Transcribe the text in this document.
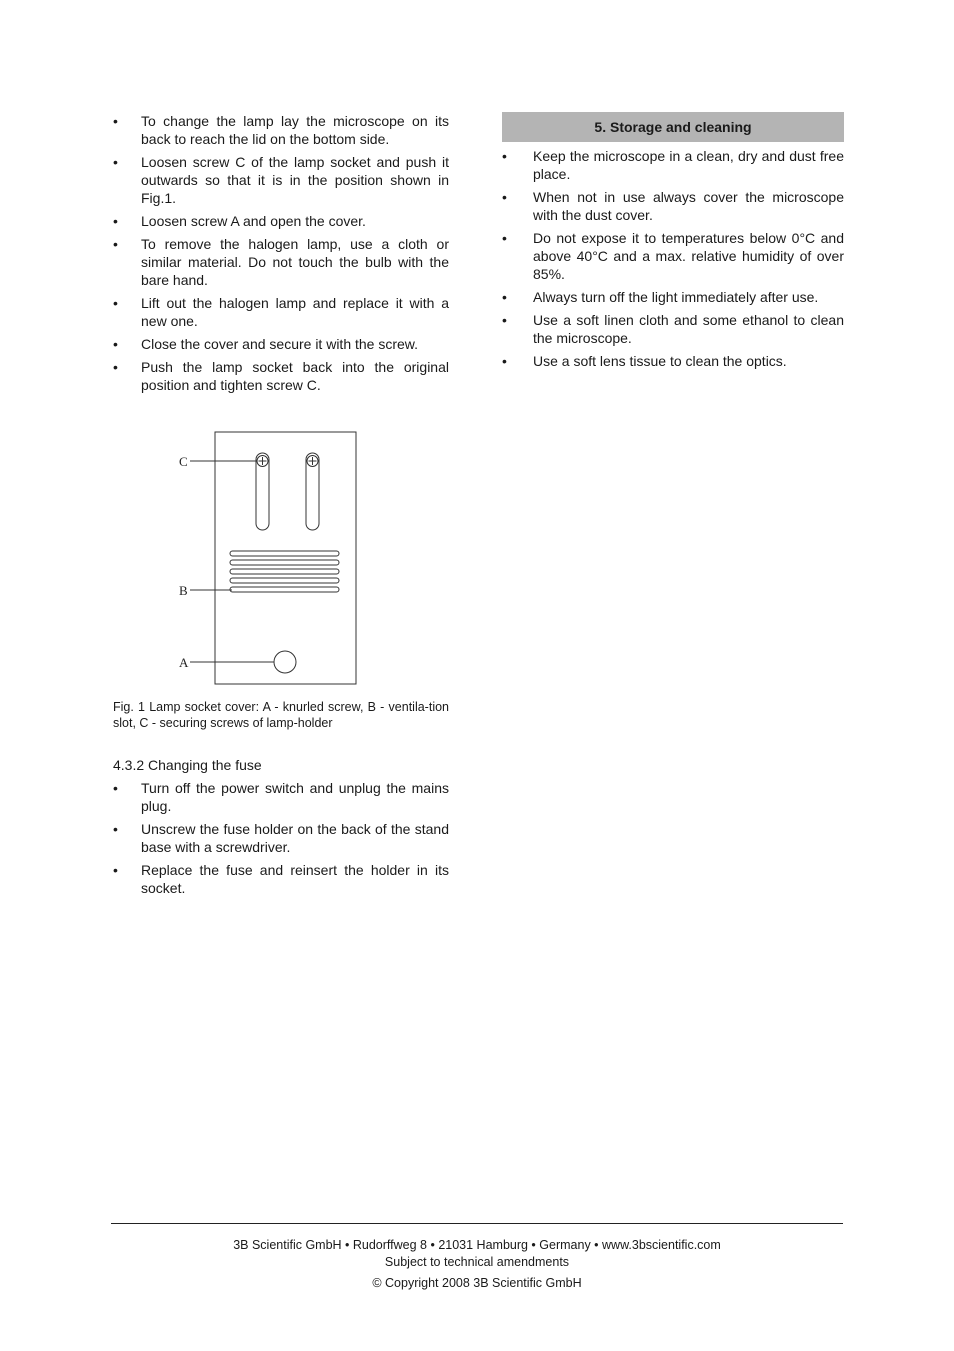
• To change the lamp lay the microscope on its back to reach the lid on the bottom side.
• Loosen screw C of the lamp socket and push it outwards so that it is in the position shown in Fig.1.
• Loosen screw A and open the cover.
• To remove the halogen lamp, use a cloth or similar material. Do not touch the bulb with the bare hand.
• Lift out the halogen lamp and replace it with a new one.
• Close the cover and secure it with the screw.
• Push the lamp socket back into the original position and tighten screw C.
C
B
A
Fig. 1 Lamp socket cover: A - knurled screw, B - ventila-tion slot, C - securing screws of lamp-holder
4.3.2 Changing the fuse
• Turn off the power switch and unplug the mains plug.
• Unscrew the fuse holder on the back of the stand base with a screwdriver.
• Replace the fuse and reinsert the holder in its socket.
5. Storage and cleaning
• Keep the microscope in a clean, dry and dust free place.
• When not in use always cover the microscope with the dust cover.
• Do not expose it to temperatures below 0°C and above 40°C and a max. relative humidity of over 85%.
• Always turn off the light immediately after use.
• Use a soft linen cloth and some ethanol to clean the microscope.
• Use a soft lens tissue to clean the optics.
3B Scientific GmbH • Rudorffweg 8 • 21031 Hamburg • Germany • www.3bscientific.com
Subject to technical amendments
© Copyright 2008 3B Scientific GmbH
